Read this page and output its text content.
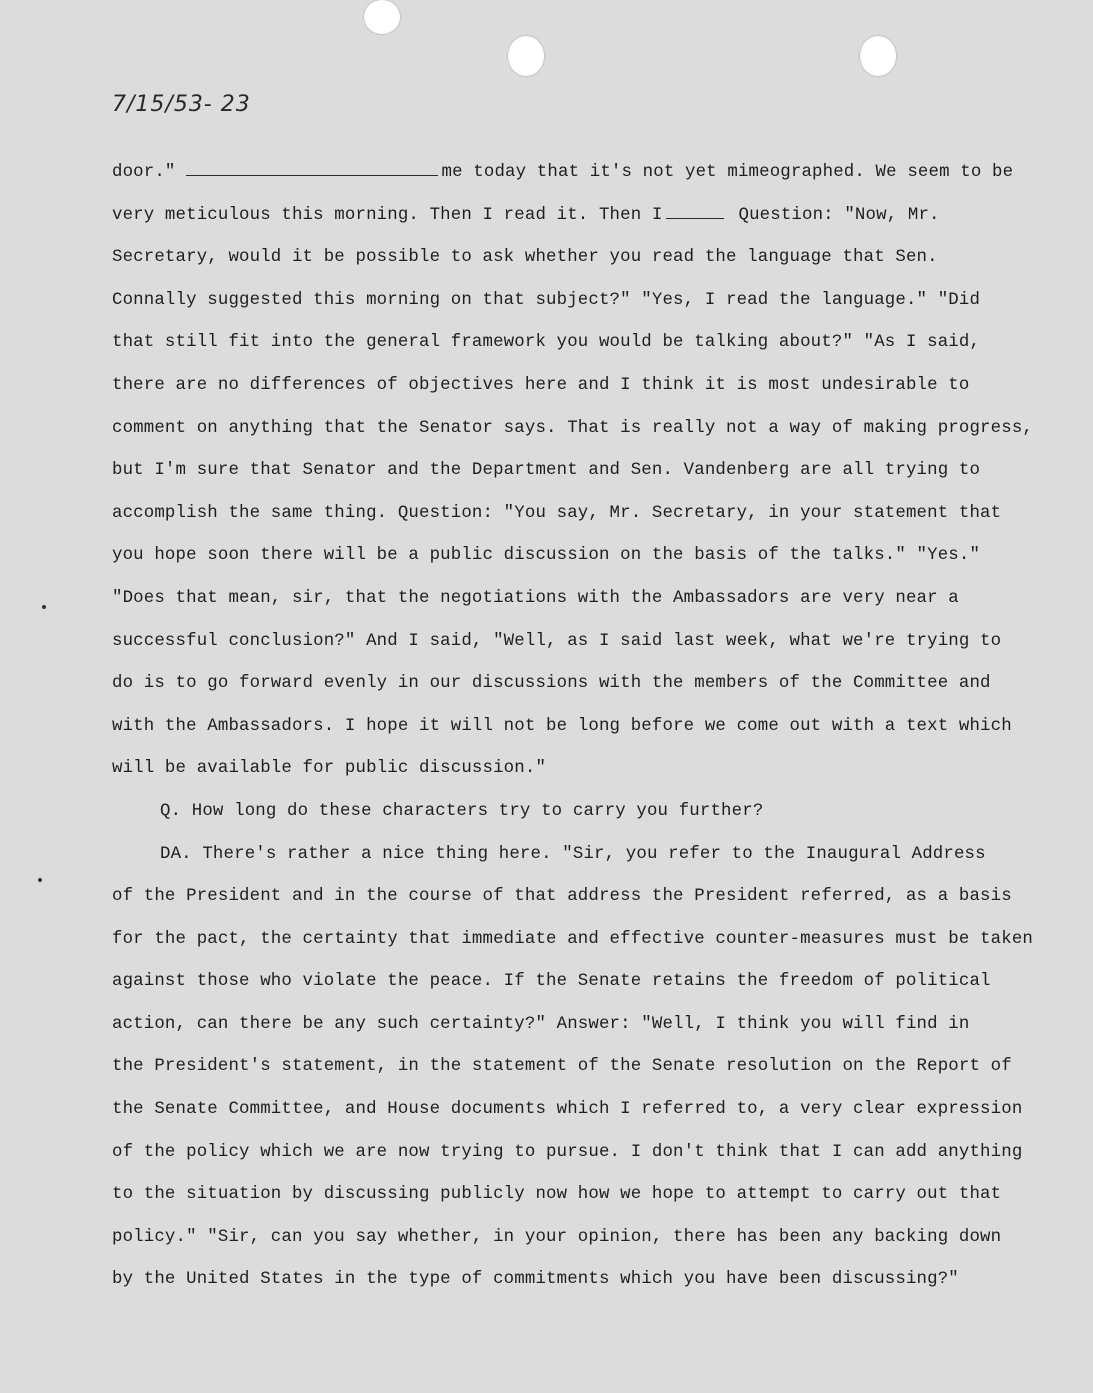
7/15/53- 23
door."	me today that it's not yet mimeographed. We seem to be
very meticulous this morning. Then I read it. Then I	Question: "Now, Mr.
Secretary, would it be possible to ask whether you read the language that Sen.
Connally suggested this morning on that subject?" "Yes, I read the language." "Did
that still fit into the general framework you would be talking about?" "As I said,
there are no differences of objectives here and I think it is most undesirable to
comment on anything that the Senator says. That is really not a way of making progress,
but I'm sure that Senator and the Department and Sen. Vandenberg are all trying to
accomplish the same thing. Question: "You say, Mr. Secretary, in your statement that
you hope soon there will be a public discussion on the basis of the talks." "Yes."
"Does that mean, sir, that the negotiations with the Ambassadors are very near a
successful conclusion?" And I said, "Well, as I said last week, what we're trying to
do is to go forward evenly in our discussions with the members of the Committee and
with the Ambassadors. I hope it will not be long before we come out with a text which
will be available for public discussion."
Q. How long do these characters try to carry you further?
DA. There's rather a nice thing here. "Sir, you refer to the Inaugural Address
of the President and in the course of that address the President referred, as a basis
for the pact, the certainty that immediate and effective counter-measures must be taken
against those who violate the peace. If the Senate retains the freedom of political
action, can there be any such certainty?" Answer: "Well, I think you will find in
the President's statement, in the statement of the Senate resolution on the Report of
the Senate Committee, and House documents which I referred to, a very clear expression
of the policy which we are now trying to pursue. I don't think that I can add anything
to the situation by discussing publicly now how we hope to attempt to carry out that
policy." "Sir, can you say whether, in your opinion, there has been any backing down
by the United States in the type of commitments which you have been discussing?"
